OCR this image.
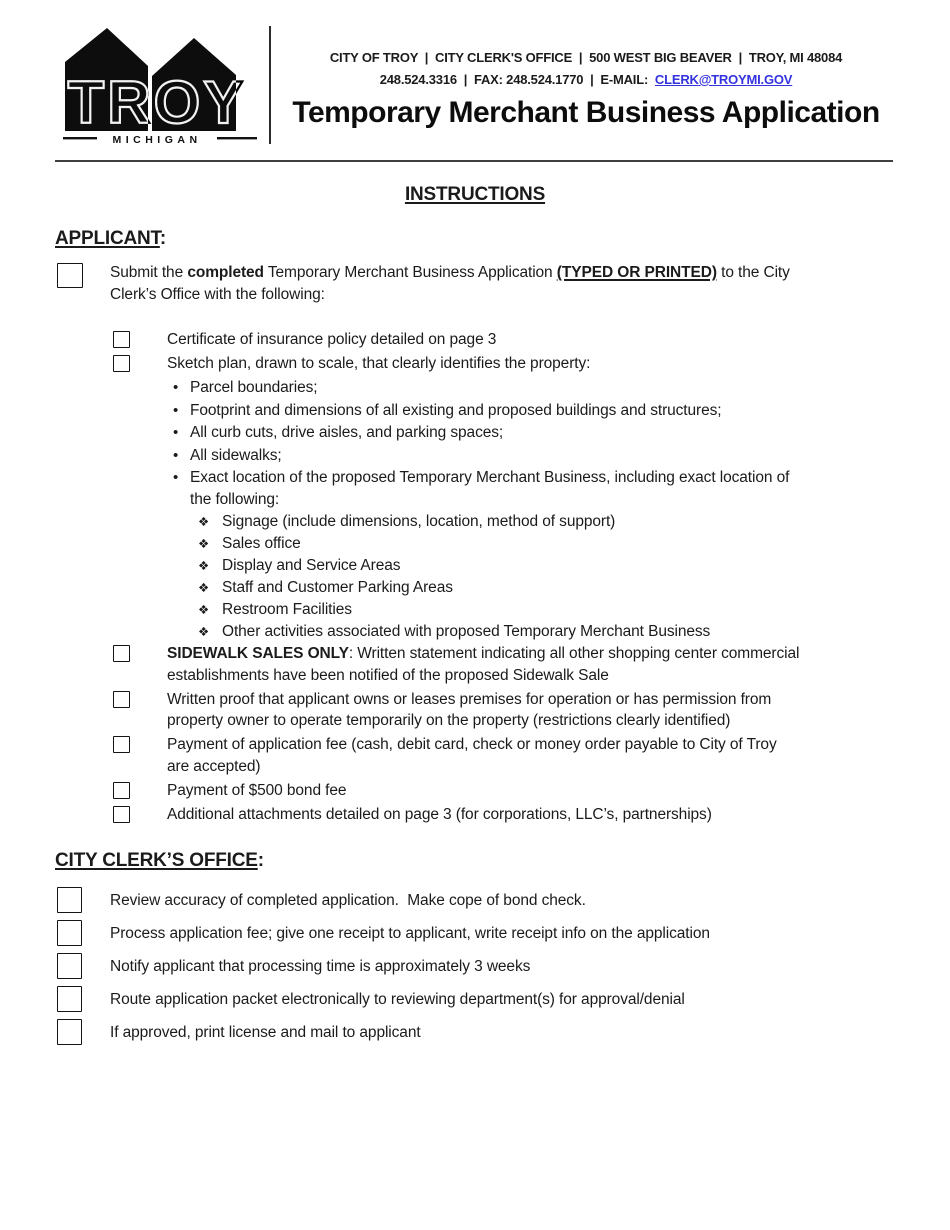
TROY
MICHIGAN
CITY OF TROY  |  CITY CLERK'S OFFICE  |  500 WEST BIG BEAVER  |  TROY, MI 48084
248.524.3316  |  FAX: 248.524.1770  |  E-MAIL:  CLERK@TROYMI.GOV
Temporary Merchant Business Application
INSTRUCTIONS
APPLICANT:
Submit the completed Temporary Merchant Business Application (TYPED OR PRINTED) to the City
Clerk’s Office with the following:
Certificate of insurance policy detailed on page 3
Sketch plan, drawn to scale, that clearly identifies the property:
• Parcel boundaries;
• Footprint and dimensions of all existing and proposed buildings and structures;
• All curb cuts, drive aisles, and parking spaces;
• All sidewalks;
• Exact location of the proposed Temporary Merchant Business, including exact location of
the following:
❖ Signage (include dimensions, location, method of support)
❖ Sales office
❖ Display and Service Areas
❖ Staff and Customer Parking Areas
❖ Restroom Facilities
❖ Other activities associated with proposed Temporary Merchant Business
SIDEWALK SALES ONLY: Written statement indicating all other shopping center commercial
establishments have been notified of the proposed Sidewalk Sale
Written proof that applicant owns or leases premises for operation or has permission from
property owner to operate temporarily on the property (restrictions clearly identified)
Payment of application fee (cash, debit card, check or money order payable to City of Troy
are accepted)
Payment of $500 bond fee
Additional attachments detailed on page 3 (for corporations, LLC’s, partnerships)
CITY CLERK’S OFFICE:
Review accuracy of completed application.  Make cope of bond check.
Process application fee; give one receipt to applicant, write receipt info on the application
Notify applicant that processing time is approximately 3 weeks
Route application packet electronically to reviewing department(s) for approval/denial
If approved, print license and mail to applicant
